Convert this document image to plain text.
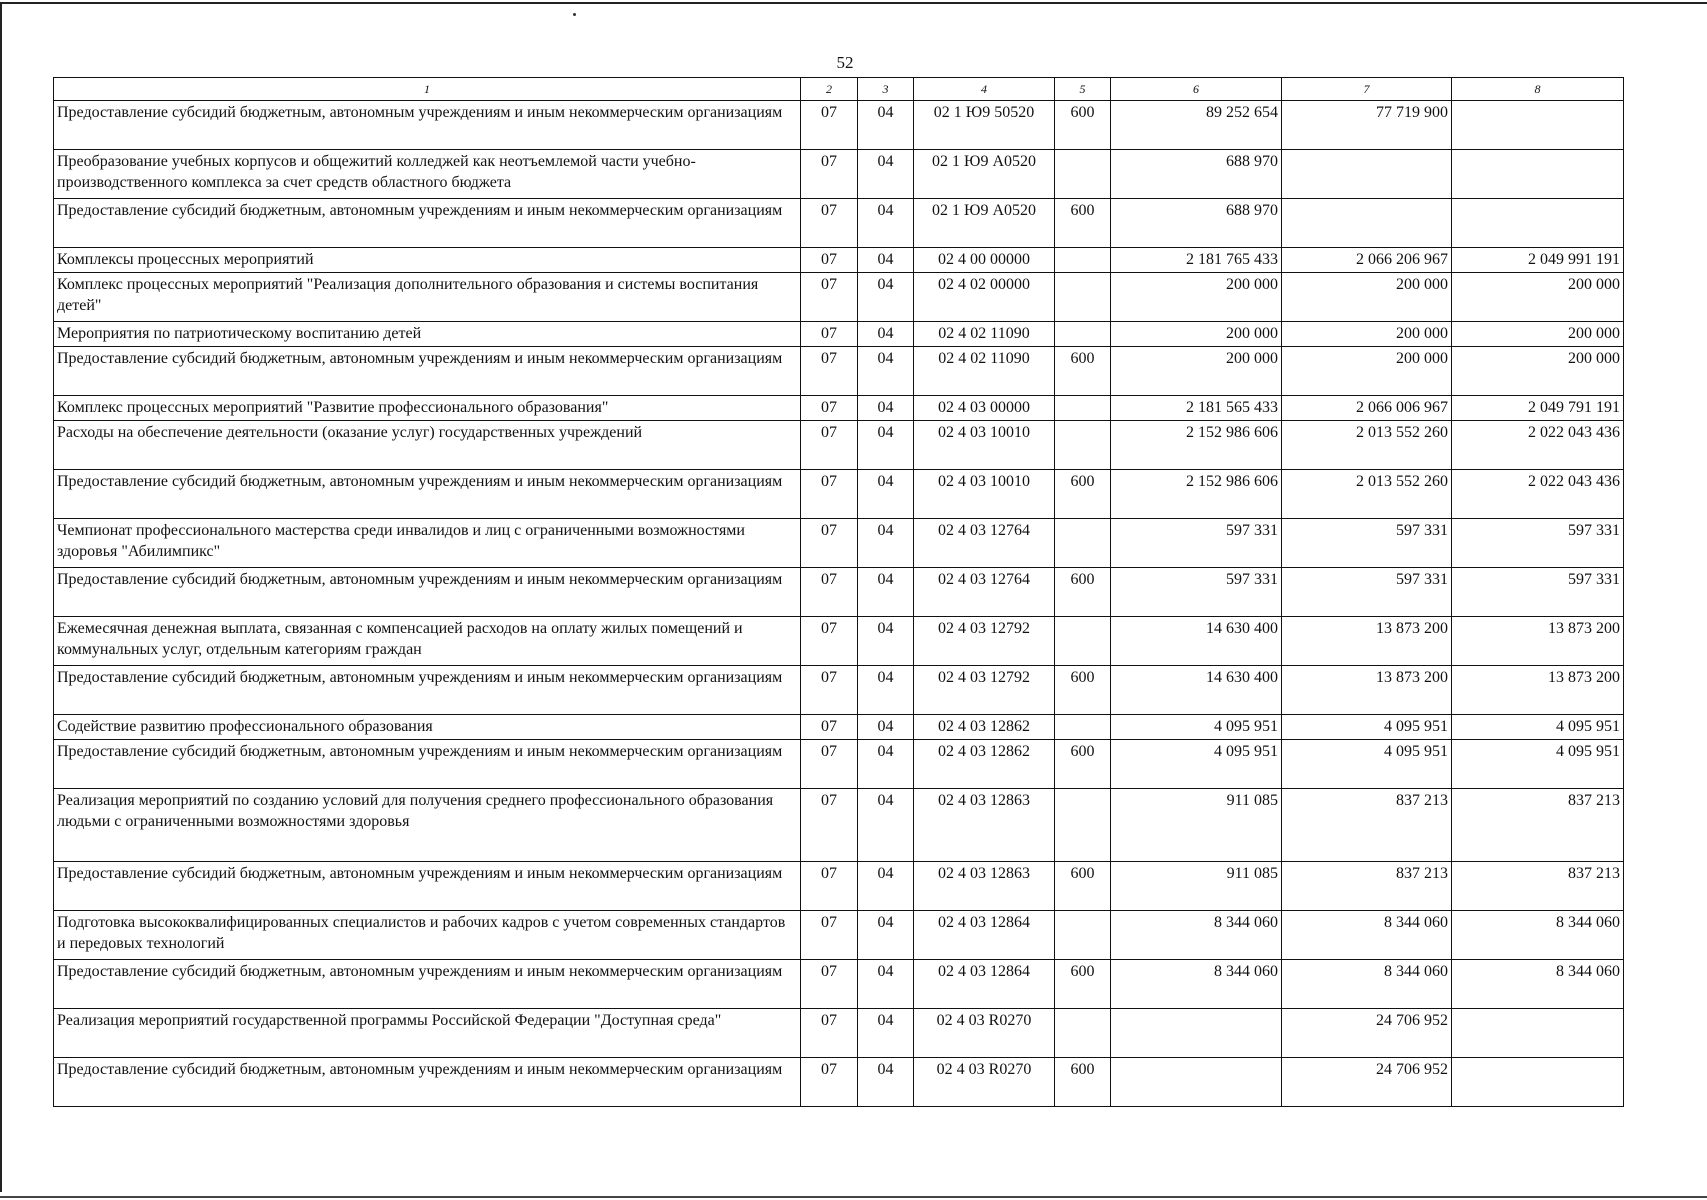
52
1	2	3	4	5	6	7	8
Предоставление субсидий бюджетным, автономным учреждениям и иным некоммерческим организациям	07	04	02 1 Ю9 50520	600	89 252 654	77 719 900	
Преобразование учебных корпусов и общежитий колледжей как неотъемлемой части учебно-производственного комплекса за счет средств областного бюджета	07	04	02 1 Ю9 А0520		688 970		
Предоставление субсидий бюджетным, автономным учреждениям и иным некоммерческим организациям	07	04	02 1 Ю9 А0520	600	688 970		
Комплексы процессных мероприятий	07	04	02 4 00 00000		2 181 765 433	2 066 206 967	2 049 991 191
Комплекс процессных мероприятий "Реализация дополнительного образования и системы воспитания детей"	07	04	02 4 02 00000		200 000	200 000	200 000
Мероприятия по патриотическому воспитанию детей	07	04	02 4 02 11090		200 000	200 000	200 000
Предоставление субсидий бюджетным, автономным учреждениям и иным некоммерческим организациям	07	04	02 4 02 11090	600	200 000	200 000	200 000
Комплекс процессных мероприятий "Развитие профессионального образования"	07	04	02 4 03 00000		2 181 565 433	2 066 006 967	2 049 791 191
Расходы на обеспечение деятельности (оказание услуг) государственных учреждений	07	04	02 4 03 10010		2 152 986 606	2 013 552 260	2 022 043 436
Предоставление субсидий бюджетным, автономным учреждениям и иным некоммерческим организациям	07	04	02 4 03 10010	600	2 152 986 606	2 013 552 260	2 022 043 436
Чемпионат профессионального мастерства среди инвалидов и лиц с ограниченными возможностями здоровья "Абилимпикс"	07	04	02 4 03 12764		597 331	597 331	597 331
Предоставление субсидий бюджетным, автономным учреждениям и иным некоммерческим организациям	07	04	02 4 03 12764	600	597 331	597 331	597 331
Ежемесячная денежная выплата, связанная с компенсацией расходов на оплату жилых помещений и коммунальных услуг, отдельным категориям граждан	07	04	02 4 03 12792		14 630 400	13 873 200	13 873 200
Предоставление субсидий бюджетным, автономным учреждениям и иным некоммерческим организациям	07	04	02 4 03 12792	600	14 630 400	13 873 200	13 873 200
Содействие развитию профессионального образования	07	04	02 4 03 12862		4 095 951	4 095 951	4 095 951
Предоставление субсидий бюджетным, автономным учреждениям и иным некоммерческим организациям	07	04	02 4 03 12862	600	4 095 951	4 095 951	4 095 951
Реализация мероприятий по созданию условий для получения среднего профессионального образования людьми с ограниченными возможностями здоровья	07	04	02 4 03 12863		911 085	837 213	837 213
Предоставление субсидий бюджетным, автономным учреждениям и иным некоммерческим организациям	07	04	02 4 03 12863	600	911 085	837 213	837 213
Подготовка высококвалифицированных специалистов и рабочих кадров с учетом современных стандартов и передовых технологий	07	04	02 4 03 12864		8 344 060	8 344 060	8 344 060
Предоставление субсидий бюджетным, автономным учреждениям и иным некоммерческим организациям	07	04	02 4 03 12864	600	8 344 060	8 344 060	8 344 060
Реализация мероприятий государственной программы Российской Федерации "Доступная среда"	07	04	02 4 03 R0270			24 706 952	
Предоставление субсидий бюджетным, автономным учреждениям и иным некоммерческим организациям	07	04	02 4 03 R0270	600		24 706 952	
